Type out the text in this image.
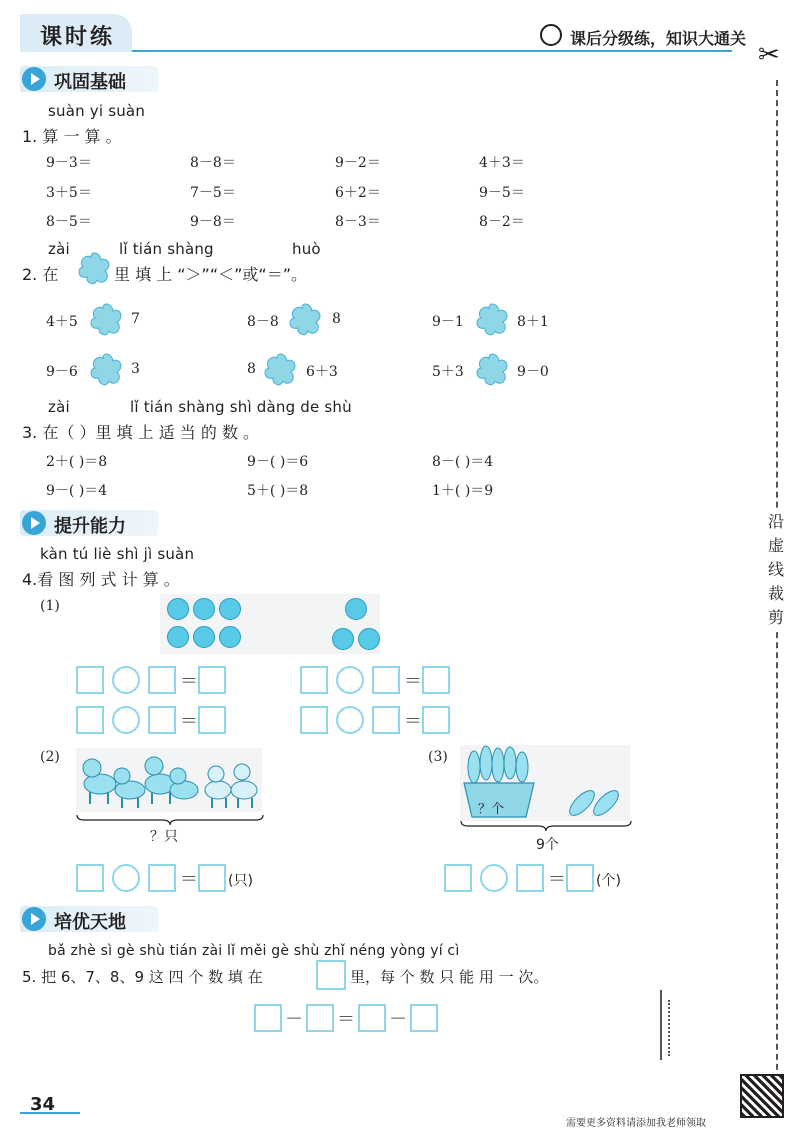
课时练	课后分级练，知识大通关
✂
沿
虚
线
裁
剪
巩固基础
suàn yi suàn
1. 算 一 算 。
9－3＝	8－8＝	9－2＝	4＋3＝
3＋5＝	7－5＝	6＋2＝	9－5＝
8－5＝	9－8＝	8－3＝	8－2＝
zài	lǐ tián shàng	huò
2. 在	里 填 上 “＞”“＜”或“＝”。
4＋5	7	8－8	8	9－1	8＋1
9－6	3	8	6＋3	5＋3	9－0
zài	lǐ tián shàng shì dàng de shù
3. 在（ ）里 填 上 适 当 的 数 。
2＋( )＝8	9－( )＝6	8－( )＝4
9－( )＝4	5＋( )＝8	1＋( )＝9
提升能力
kàn tú liè shì jì suàn
4.看 图 列 式 计 算 。
(1)
＝	＝
＝	＝
(2)
？只
＝ (只)
(3)
？个
9个
＝ (个)
培优天地
bǎ zhè sì gè shù tián zài lǐ měi gè shù zhǐ néng yòng yí cì
5. 把 6、7、8、9 这 四 个 数 填 在	里，每 个 数 只 能 用 一 次。
－ ＝ －
34
需要更多资料请添加我老师领取
